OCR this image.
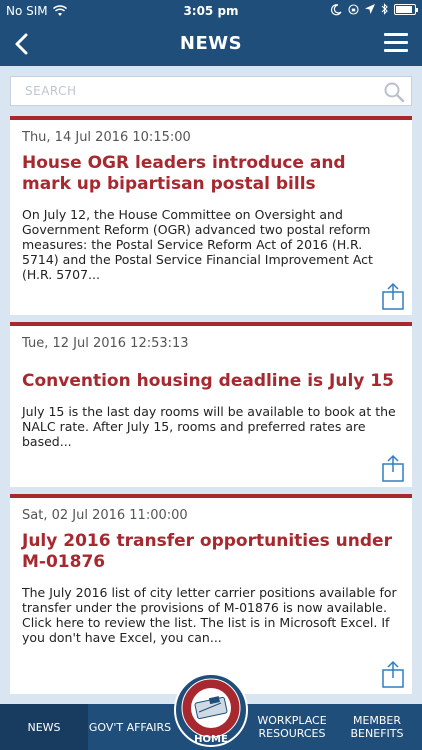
No SIM	3:05 pm
NEWS
SEARCH
Thu, 14 Jul 2016 10:15:00
House OGR leaders introduce and mark up bipartisan postal bills
On July 12, the House Committee on Oversight and Government Reform (OGR) advanced two postal reform measures: the Postal Service Reform Act of 2016 (H.R. 5714) and the Postal Service Financial Improvement Act (H.R. 5707...
Tue, 12 Jul 2016 12:53:13
Convention housing deadline is July 15
July 15 is the last day rooms will be available to book at the NALC rate. After July 15, rooms and preferred rates are based...
Sat, 02 Jul 2016 11:00:00
July 2016 transfer opportunities under M-01876
The July 2016 list of city letter carrier positions available for transfer under the provisions of M-01876 is now available. Click here to review the list. The list is in Microsoft Excel. If you don't have Excel, you can...
NEWS	GOV'T AFFAIRS	WORKPLACE RESOURCES
MEMBER BENEFITS
HOME
